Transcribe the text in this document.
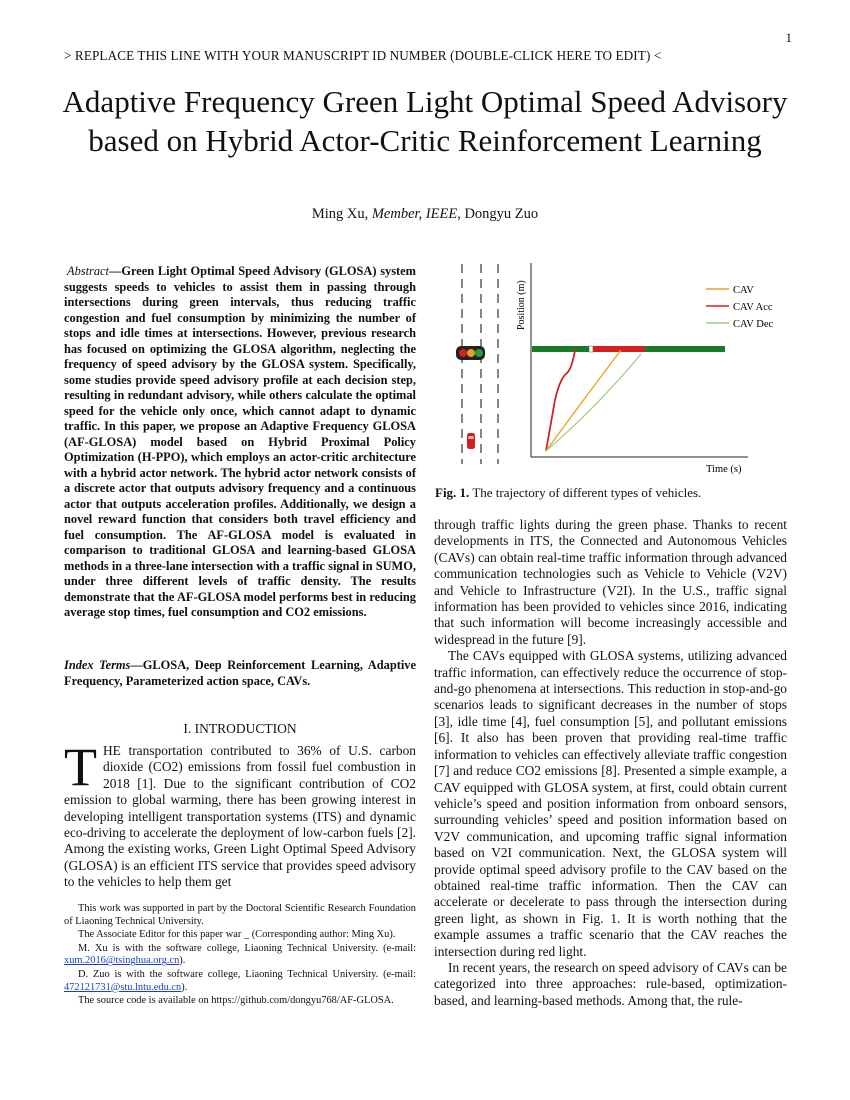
1
> REPLACE THIS LINE WITH YOUR MANUSCRIPT ID NUMBER (DOUBLE-CLICK HERE TO EDIT) <
Adaptive Frequency Green Light Optimal Speed Advisory based on Hybrid Actor-Critic Reinforcement Learning
Ming Xu, Member, IEEE, Dongyu Zuo
Abstract—Green Light Optimal Speed Advisory (GLOSA) system suggests speeds to vehicles to assist them in passing through intersections during green intervals, thus reducing traffic congestion and fuel consumption by minimizing the number of stops and idle times at intersections. However, previous research has focused on optimizing the GLOSA algorithm, neglecting the frequency of speed advisory by the GLOSA system. Specifically, some studies provide speed advisory profile at each decision step, resulting in redundant advisory, while others calculate the optimal speed for the vehicle only once, which cannot adapt to dynamic traffic. In this paper, we propose an Adaptive Frequency GLOSA (AF-GLOSA) model based on Hybrid Proximal Policy Optimization (H-PPO), which employs an actor-critic architecture with a hybrid actor network. The hybrid actor network consists of a discrete actor that outputs advisory frequency and a continuous actor that outputs acceleration profiles. Additionally, we design a novel reward function that considers both travel efficiency and fuel consumption. The AF-GLOSA model is evaluated in comparison to traditional GLOSA and learning-based GLOSA methods in a three-lane intersection with a traffic signal in SUMO, under three different levels of traffic density. The results demonstrate that the AF-GLOSA model performs best in reducing average stop times, fuel consumption and CO2 emissions.
Index Terms—GLOSA, Deep Reinforcement Learning, Adaptive Frequency, Parameterized action space, CAVs.
I. INTRODUCTION
THE transportation contributed to 36% of U.S. carbon dioxide (CO2) emissions from fossil fuel combustion in 2018 [1]. Due to the significant contribution of CO2 emission to global warming, there has been growing interest in developing intelligent transportation systems (ITS) and dynamic eco-driving to accelerate the deployment of low-carbon fuels [2]. Among the existing works, Green Light Optimal Speed Advisory (GLOSA) is an efficient ITS service that provides speed advisory to the vehicles to help them get

This work was supported in part by the Doctoral Scientific Research Foundation of Liaoning Technical University.

The Associate Editor for this paper war _ (Corresponding author: Ming Xu).

M. Xu is with the software college, Liaoning Technical University. (e-mail: xum.2016@tsinghua.org.cn).

D. Zuo is with the software college, Liaoning Technical University. (e-mail: 472121731@stu.lntu.edu.cn).

The source code is available on https://github.com/dongyu768/AF-GLOSA.

Position (m)
Time (s)
CAV
CAV Acc
CAV Dec
Fig. 1. The trajectory of different types of vehicles.

through traffic lights during the green phase. Thanks to recent developments in ITS, the Connected and Autonomous Vehicles (CAVs) can obtain real-time traffic information through advanced communication technologies such as Vehicle to Vehicle (V2V) and Vehicle to Infrastructure (V2I). In the U.S., traffic signal information has been provided to vehicles since 2016, indicating that such information will become increasingly accessible and widespread in the future [9].

The CAVs equipped with GLOSA systems, utilizing advanced traffic information, can effectively reduce the occurrence of stop-and-go phenomena at intersections. This reduction in stop-and-go scenarios leads to significant decreases in the number of stops [3], idle time [4], fuel consumption [5], and pollutant emissions [6]. It also has been proven that providing real-time traffic information to vehicles can effectively alleviate traffic congestion [7] and reduce CO2 emissions [8]. Presented a simple example, a CAV equipped with GLOSA system, at first, could obtain current vehicle’s speed and position information from onboard sensors, surrounding vehicles’ speed and position information based on V2V communication, and upcoming traffic signal information based on V2I communication. Next, the GLOSA system will provide optimal speed advisory profile to the CAV based on the obtained real-time traffic information. Then the CAV can accelerate or decelerate to pass through the intersection during green light, as shown in Fig. 1. It is worth nothing that the example assumes a traffic scenario that the CAV reaches the intersection during red light.

In recent years, the research on speed advisory of CAVs can be categorized into three approaches: rule-based, optimization-based, and learning-based methods. Among that, the rule-
